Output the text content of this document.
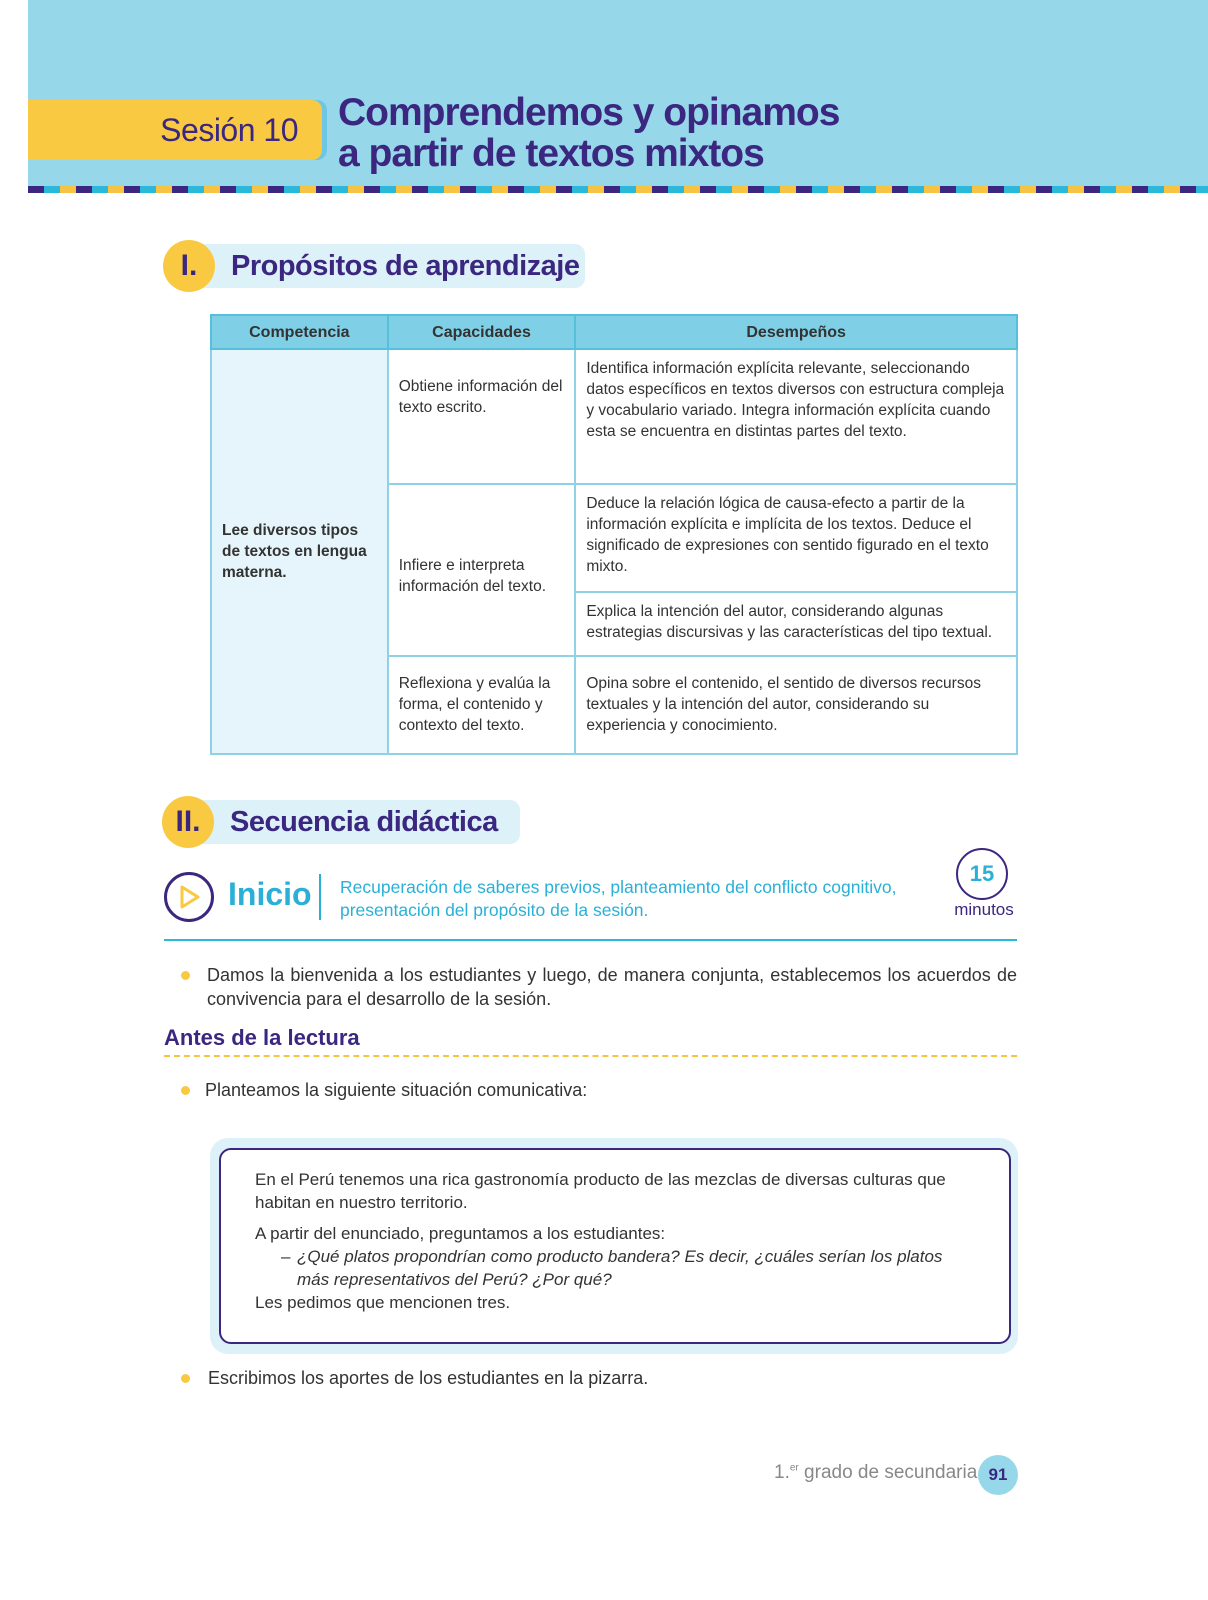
Sesión 10	Comprendemos y opinamos
a partir de textos mixtos
I.	Propósitos de aprendizaje
Competencia	Capacidades	Desempeños
Lee diversos tipos de textos en lengua materna.	Obtiene información del texto escrito.	Identifica información explícita relevante, seleccionando datos específicos en textos diversos con estructura compleja y vocabulario variado. Integra información explícita cuando esta se encuentra en distintas partes del texto.
	Infiere e interpreta información del texto.	Deduce la relación lógica de causa-efecto a partir de la información explícita e implícita de los textos. Deduce el significado de expresiones con sentido figurado en el texto mixto.
		Explica la intención del autor, considerando algunas estrategias discursivas y las características del tipo textual.
	Reflexiona y evalúa la forma, el contenido y contexto del texto.	Opina sobre el contenido, el sentido de diversos recursos textuales y la intención del autor, considerando su experiencia y conocimiento.
II.	Secuencia didáctica
Inicio Recuperación de saberes previos, planteamiento del conflicto cognitivo, presentación del propósito de la sesión.
15
minutos
Damos la bienvenida a los estudiantes y luego, de manera conjunta, establecemos los acuerdos de convivencia para el desarrollo de la sesión.
Antes de la lectura
Planteamos la siguiente situación comunicativa:

En el Perú tenemos una rica gastronomía producto de las mezclas de diversas culturas que habitan en nuestro territorio.

A partir del enunciado, preguntamos a los estudiantes:

– ¿Qué platos propondrían como producto bandera? Es decir, ¿cuáles serían los platos más representativos del Perú? ¿Por qué?

Les pedimos que mencionen tres.

Escribimos los aportes de los estudiantes en la pizarra.
1.$^{er}$ grado de secundaria 91
